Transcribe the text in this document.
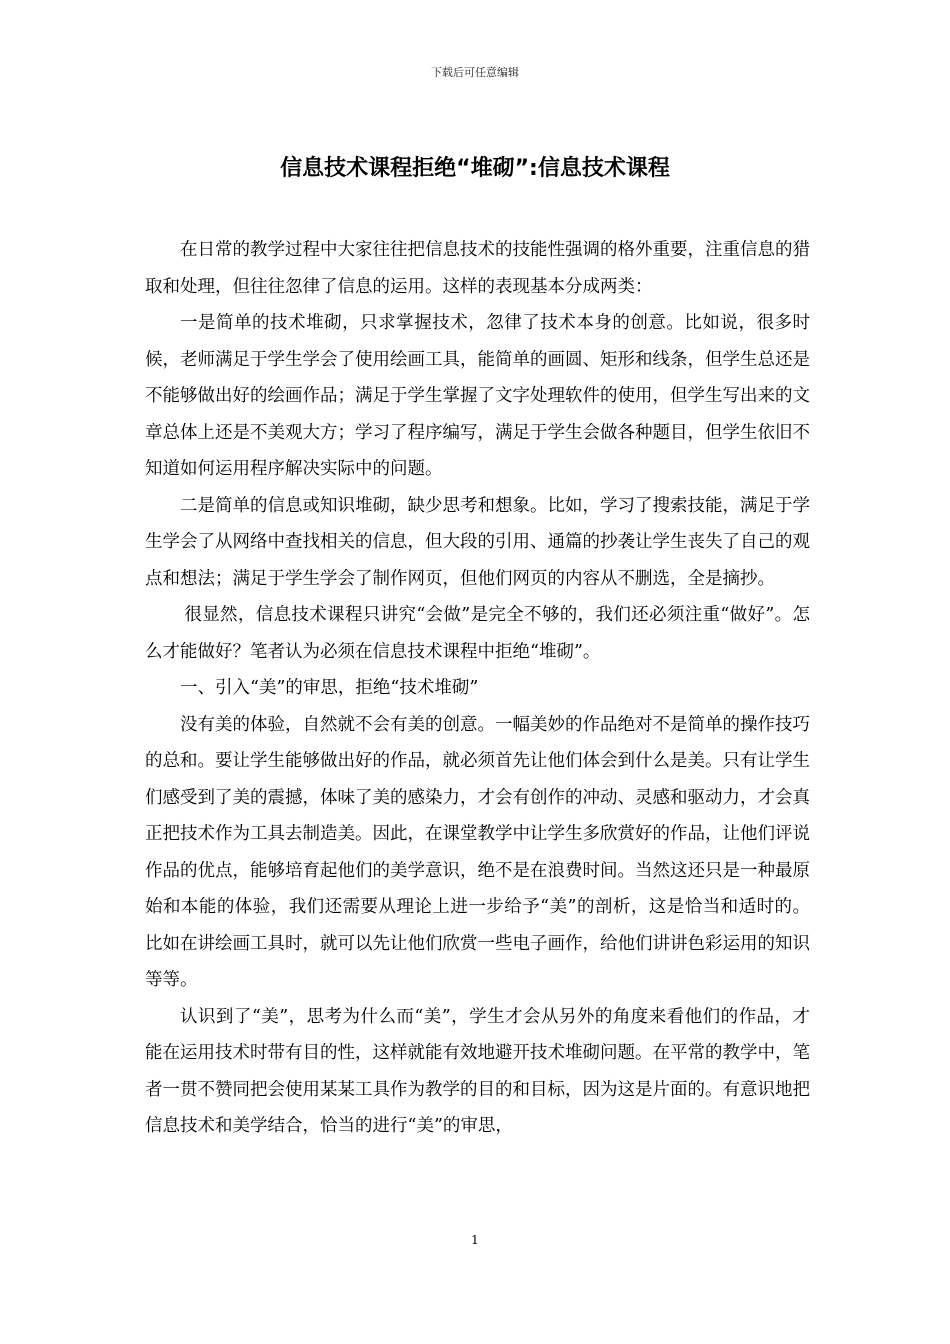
下载后可任意编辑
信息技术课程拒绝“堆砌”:信息技术课程

在日常的教学过程中大家往往把信息技术的技能性强调的格外重要，注重信息的猎取和处理，但往往忽律了信息的运用。这样的表现基本分成两类：

一是简单的技术堆砌，只求掌握技术，忽律了技术本身的创意。比如说，很多时候，老师满足于学生学会了使用绘画工具，能简单的画圆、矩形和线条，但学生总还是不能够做出好的绘画作品；满足于学生掌握了文字处理软件的使用，但学生写出来的文章总体上还是不美观大方；学习了程序编写，满足于学生会做各种题目，但学生依旧不知道如何运用程序解决实际中的问题。

二是简单的信息或知识堆砌，缺少思考和想象。比如，学习了搜索技能，满足于学生学会了从网络中查找相关的信息，但大段的引用、通篇的抄袭让学生丧失了自己的观点和想法；满足于学生学会了制作网页，但他们网页的内容从不删选，全是摘抄。

很显然，信息技术课程只讲究“会做”是完全不够的，我们还必须注重“做好”。怎么才能做好？笔者认为必须在信息技术课程中拒绝“堆砌”。

一、引入“美”的审思，拒绝“技术堆砌”

没有美的体验，自然就不会有美的创意。一幅美妙的作品绝对不是简单的操作技巧的总和。要让学生能够做出好的作品，就必须首先让他们体会到什么是美。只有让学生们感受到了美的震撼，体味了美的感染力，才会有创作的冲动、灵感和驱动力，才会真正把技术作为工具去制造美。因此，在课堂教学中让学生多欣赏好的作品，让他们评说作品的优点，能够培育起他们的美学意识，绝不是在浪费时间。当然这还只是一种最原始和本能的体验，我们还需要从理论上进一步给予“美”的剖析，这是恰当和适时的。比如在讲绘画工具时，就可以先让他们欣赏一些电子画作，给他们讲讲色彩运用的知识等等。

认识到了“美”，思考为什么而“美”，学生才会从另外的角度来看他们的作品，才能在运用技术时带有目的性，这样就能有效地避开技术堆砌问题。在平常的教学中，笔者一贯不赞同把会使用某某工具作为教学的目的和目标，因为这是片面的。有意识地把信息技术和美学结合，恰当的进行“美”的审思，

1
